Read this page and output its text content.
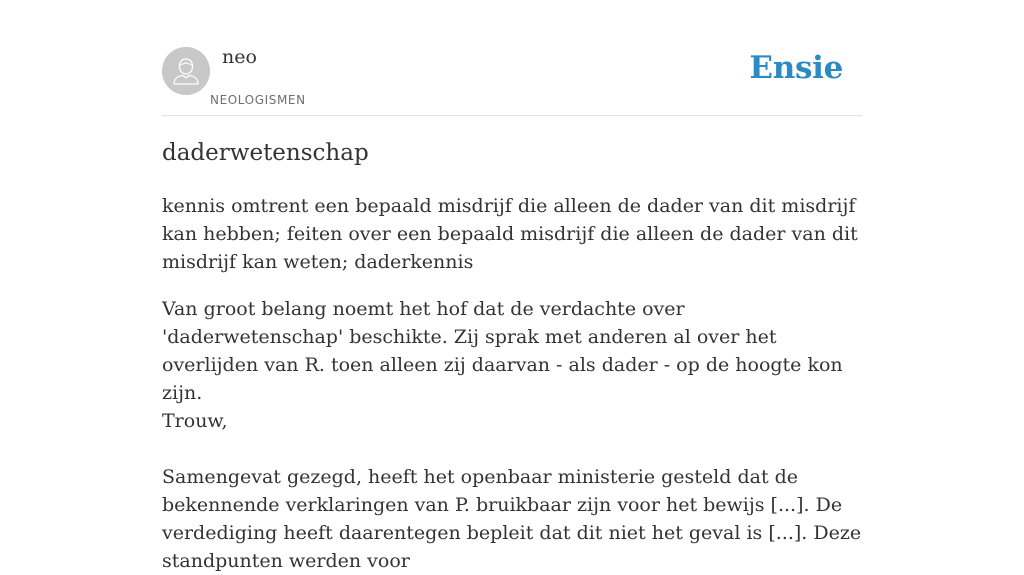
neo
NEOLOGISMEN
Ensie
daderwetenschap

kennis omtrent een bepaald misdrijf die alleen de dader van dit misdrijf kan hebben; feiten over een bepaald misdrijf die alleen de dader van dit misdrijf kan weten; daderkennis

Van groot belang noemt het hof dat de verdachte over 'daderwetenschap' beschikte. Zij sprak met anderen al over het overlijden van R. toen alleen zij daarvan - als dader - op de hoogte kon zijn.

Trouw,

Samengevat gezegd, heeft het openbaar ministerie gesteld dat de bekennende verklaringen van P. bruikbaar zijn voor het bewijs [...]. De verdediging heeft daarentegen bepleit dat dit niet het geval is [...]. Deze standpunten werden voor
